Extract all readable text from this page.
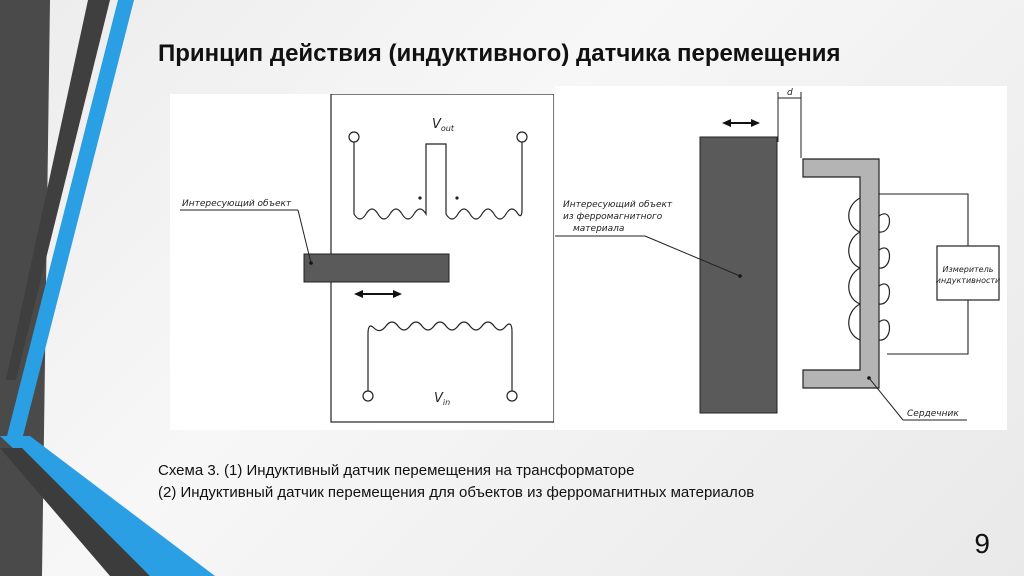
Принцип действия (индуктивного) датчика перемещения
$V_{out}$
Интересующий объект
$V_{in}$
d
Интересующий объект
из ферромагнитного
материала
Измеритель
индуктивности
Сердечник
Схема 3. (1) Индуктивный датчик перемещения на трансформаторе
(2) Индуктивный датчик перемещения для объектов из ферромагнитных материалов
9
